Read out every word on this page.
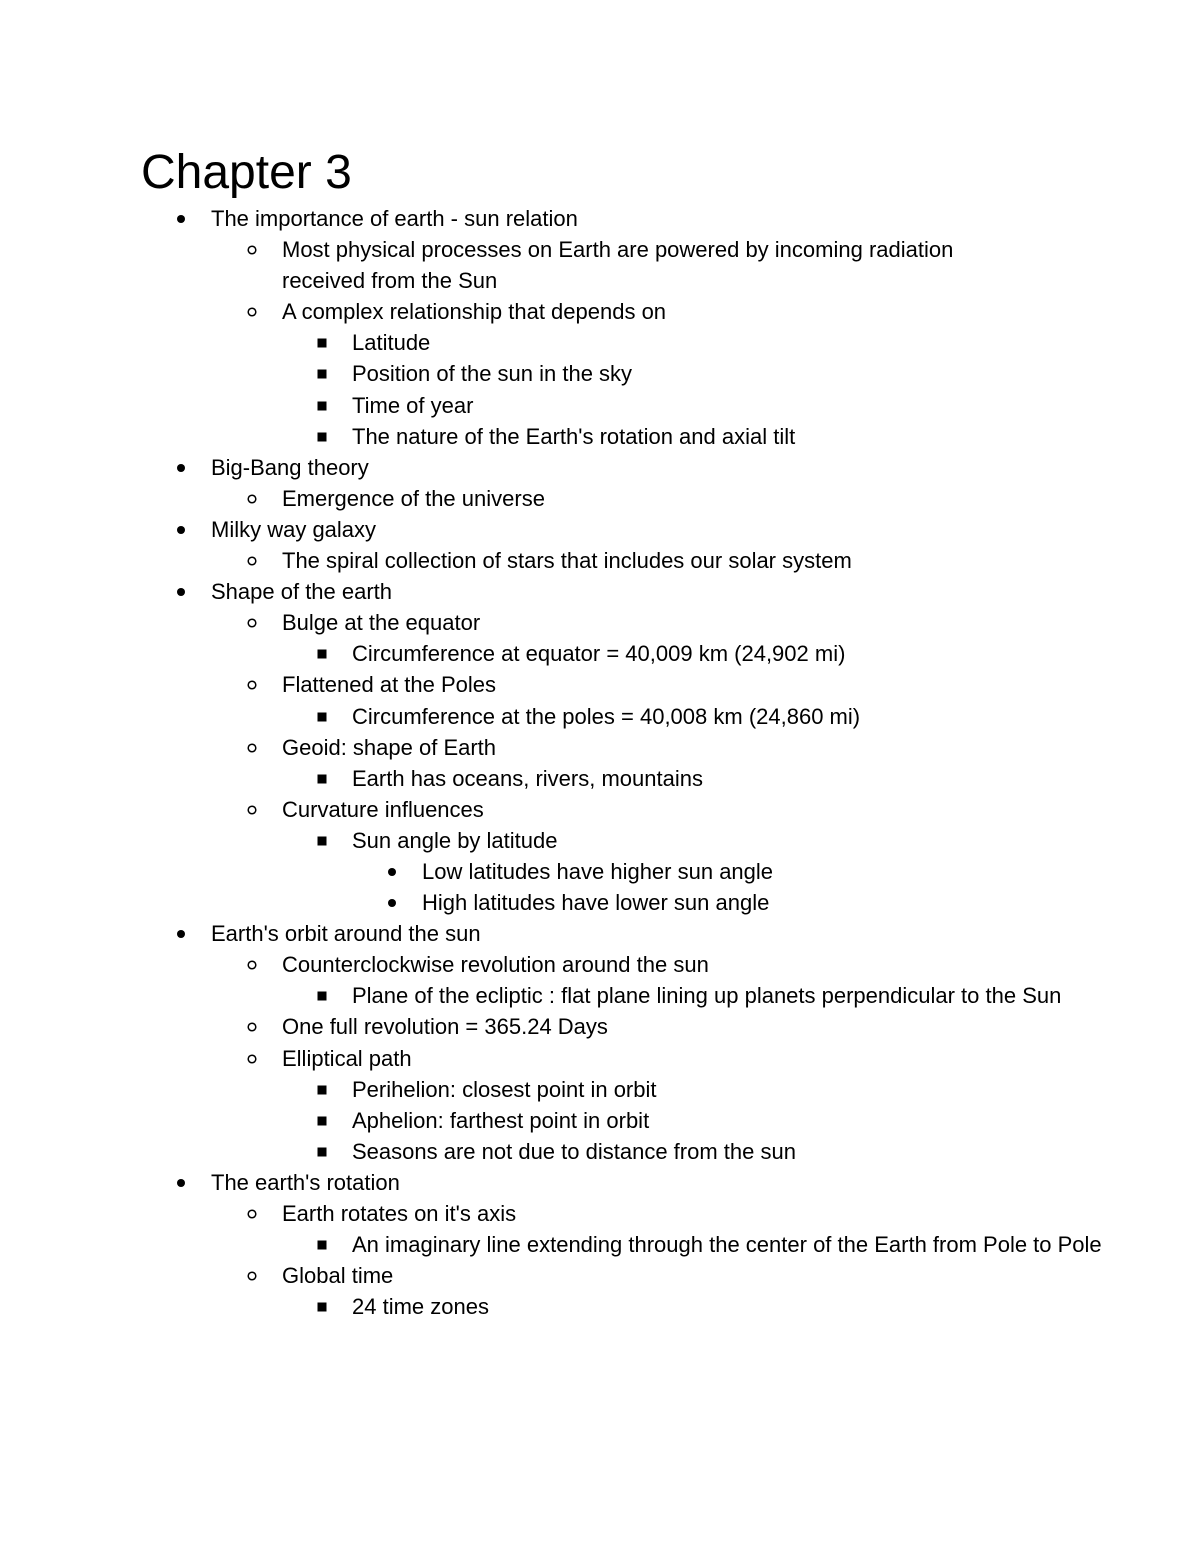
Chapter 3
The importance of earth - sun relation
Most physical processes on Earth are powered by incoming radiation received from the Sun
A complex relationship that depends on
Latitude
Position of the sun in the sky
Time of year
The nature of the Earth's rotation and axial tilt
Big-Bang theory
Emergence of the universe
Milky way galaxy
The spiral collection of stars that includes our solar system
Shape of the earth
Bulge at the equator
Circumference at equator = 40,009 km (24,902 mi)
Flattened at the Poles
Circumference at the poles = 40,008 km (24,860 mi)
Geoid: shape of Earth
Earth has oceans, rivers, mountains
Curvature influences
Sun angle by latitude
Low latitudes have higher sun angle
High latitudes have lower sun angle
Earth's orbit around the sun
Counterclockwise revolution around the sun
Plane of the ecliptic : flat plane lining up planets perpendicular to the Sun
One full revolution = 365.24 Days
Elliptical path
Perihelion: closest point in orbit
Aphelion: farthest point in orbit
Seasons are not due to distance from the sun
The earth's rotation
Earth rotates on it's axis
An imaginary line extending through the center of the Earth from Pole to Pole
Global time
24 time zones
